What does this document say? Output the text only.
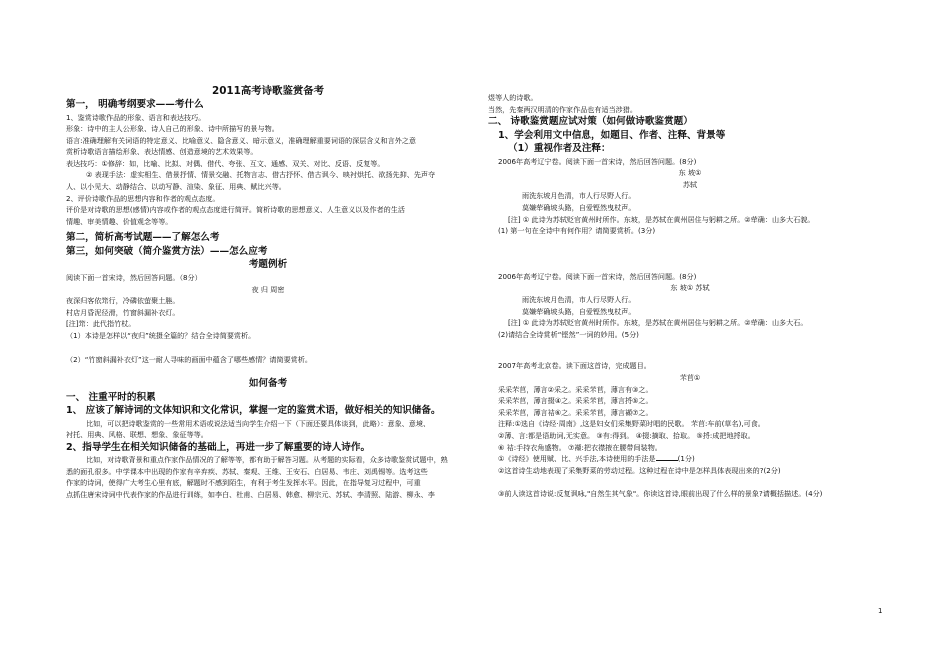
2011高考诗歌鉴赏备考
第一， 明确考纲要求——考什么
1、鉴赏诗歌作品的形象、语言和表达技巧。
形象：诗中的主人公形象、诗人自己的形象、诗中所描写的景与物。
语言:准确理解有关词语的特定意义、比喻意义、隐含意义、暗示意义，准确理解重要词语的深层含义和言外之意
赏析诗歌语言描绘形象、表达情感、创造意境的艺术效果等。
表达技巧：①修辞：如，比喻、比拟、对偶、借代、夸张、互文、通感、双关、对比、反语、反复等。
② 表现手法：虚实相生、借景抒情、情景交融、托物言志、借古抒怀、借古讽今、映衬烘托、欲扬先抑、先声夺
人、以小见大、动静结合、以动写静、渲染、象征、用典、赋比兴等。
2、评价诗歌作品的思想内容和作者的观点态度。
评价是对诗歌的思想(感情)内容或作者的观点态度进行简评。简析诗歌的思想意义、人生意义以及作者的生活
情趣、审美情趣、价值观念等等。
第二，简析高考试题——了解怎么考
第三，如何突破（简介鉴赏方法）——怎么应考
考题例析
阅读下面一首宋诗，然后回答问题。（8分）
夜 归 周密
夜深归客依筇行，冷磷依萤聚土塍。
村店月昏泥径滑，竹窗斜漏补衣灯。
[注]筇：此代指竹杖。
（1）本诗是怎样以“夜归”统摄全篇的？结合全诗简要赏析。
（2）“竹窗斜漏补衣灯”这一耐人寻味的画面中蕴含了哪些感情？请简要赏析。
如何备考
一、 注重平时的积累
1、 应该了解诗词的文体知识和文化常识，掌握一定的鉴赏术语，做好相关的知识储备。
比如，可以把诗歌鉴赏的一些常用术语或说法适当向学生介绍一下（下面还要具体谈到，此略）：意象、意境、
衬托、用典、风格、联想、想象、象征等等。
2、指导学生在相关知识储备的基础上，再进一步了解重要的诗人诗作。
比如，对诗歌背景和重点作家作品情况的了解等等，都有助于解答习题。从考题的实际看，众多诗歌鉴赏试题中，熟
悉的面孔很多。中学课本中出现的作家有辛弃疾、苏轼、秦观、王维、王安石、白居易、韦庄、刘禹锡等。选考这些
作家的诗词，使得广大考生心里有底，解题时不感到陌生，有利于考生发挥水平。因此，在指导复习过程中，可重
点抓住唐宋诗词中代表作家的作品进行训练，如李白、杜甫、白居易、韩愈、柳宗元、苏轼、李清照、陆游、柳永、李
煜等人的诗歌。
当然，先秦两汉明清的作家作品也有适当涉猎。
二、 诗歌鉴赏题应试对策（如何做诗歌鉴赏题）
1、学会利用文中信息，如题目、作者、注释、背景等
（1）重视作者及注释：
2006年高考辽宁卷。阅读下面一首宋诗，然后回答问题。(8分)
东 坡①
苏轼
雨洗东坡月色清，市人行尽野人行。
莫嫌荦确坡头路，自爱铿然曳杖声。
[注] ① 此诗为苏轼贬官黄州时所作。东坡，是苏轼在黄州居住与躬耕之所。②荦确：山多大石貌。
(1) 第一句在全诗中有何作用？请简要赏析。(3分)
2006年高考辽宁卷。阅读下面一首宋诗，然后回答问题。(8分)
东 坡① 苏轼
雨洗东坡月色清，市人行尽野人行。
莫嫌荦确坡头路，自爱铿然曳杖声。
[注] ① 此诗为苏轼贬官黄州时所作。东坡，是苏轼在黄州居住与躬耕之所。②荦确：山多大石。
(2)请结合全诗赏析“铿然”一词的妙用。(5分)
2007年高考北京卷。读下面这首诗，完成题目。
芣苢①
采采芣苢，薄言②采之。采采芣苢，薄言有③之。
采采芣苢，薄言掇④之。采采芣苢，薄言捋⑤之。
采采芣苢，薄言袺⑥之。采采芣苢，薄言襭⑦之。
注释:①选自《诗经·周南》,这是妇女们采集野菜时唱的民歌。 芣苢:车前(草名),可食。
②薄、言:都是语助词,无实意。 ③有:得到。 ④掇:摘取、拾取。 ⑤捋:成把地捋取。
⑥ 袺:手持衣角盛物。 ⑦襭:把衣襟掖在腰带间装物。
①《诗经》使用赋、比、兴手法,本诗使用的手法是	(1分)
②这首诗生动地表现了采集野菜的劳动过程。这种过程在诗中是怎样具体表现出来的?(2分)
③前人读这首诗说:反复讽咏,"自然生其气象"。你读这首诗,眼前出现了什么样的景象?请概括描述。(4分)
1
